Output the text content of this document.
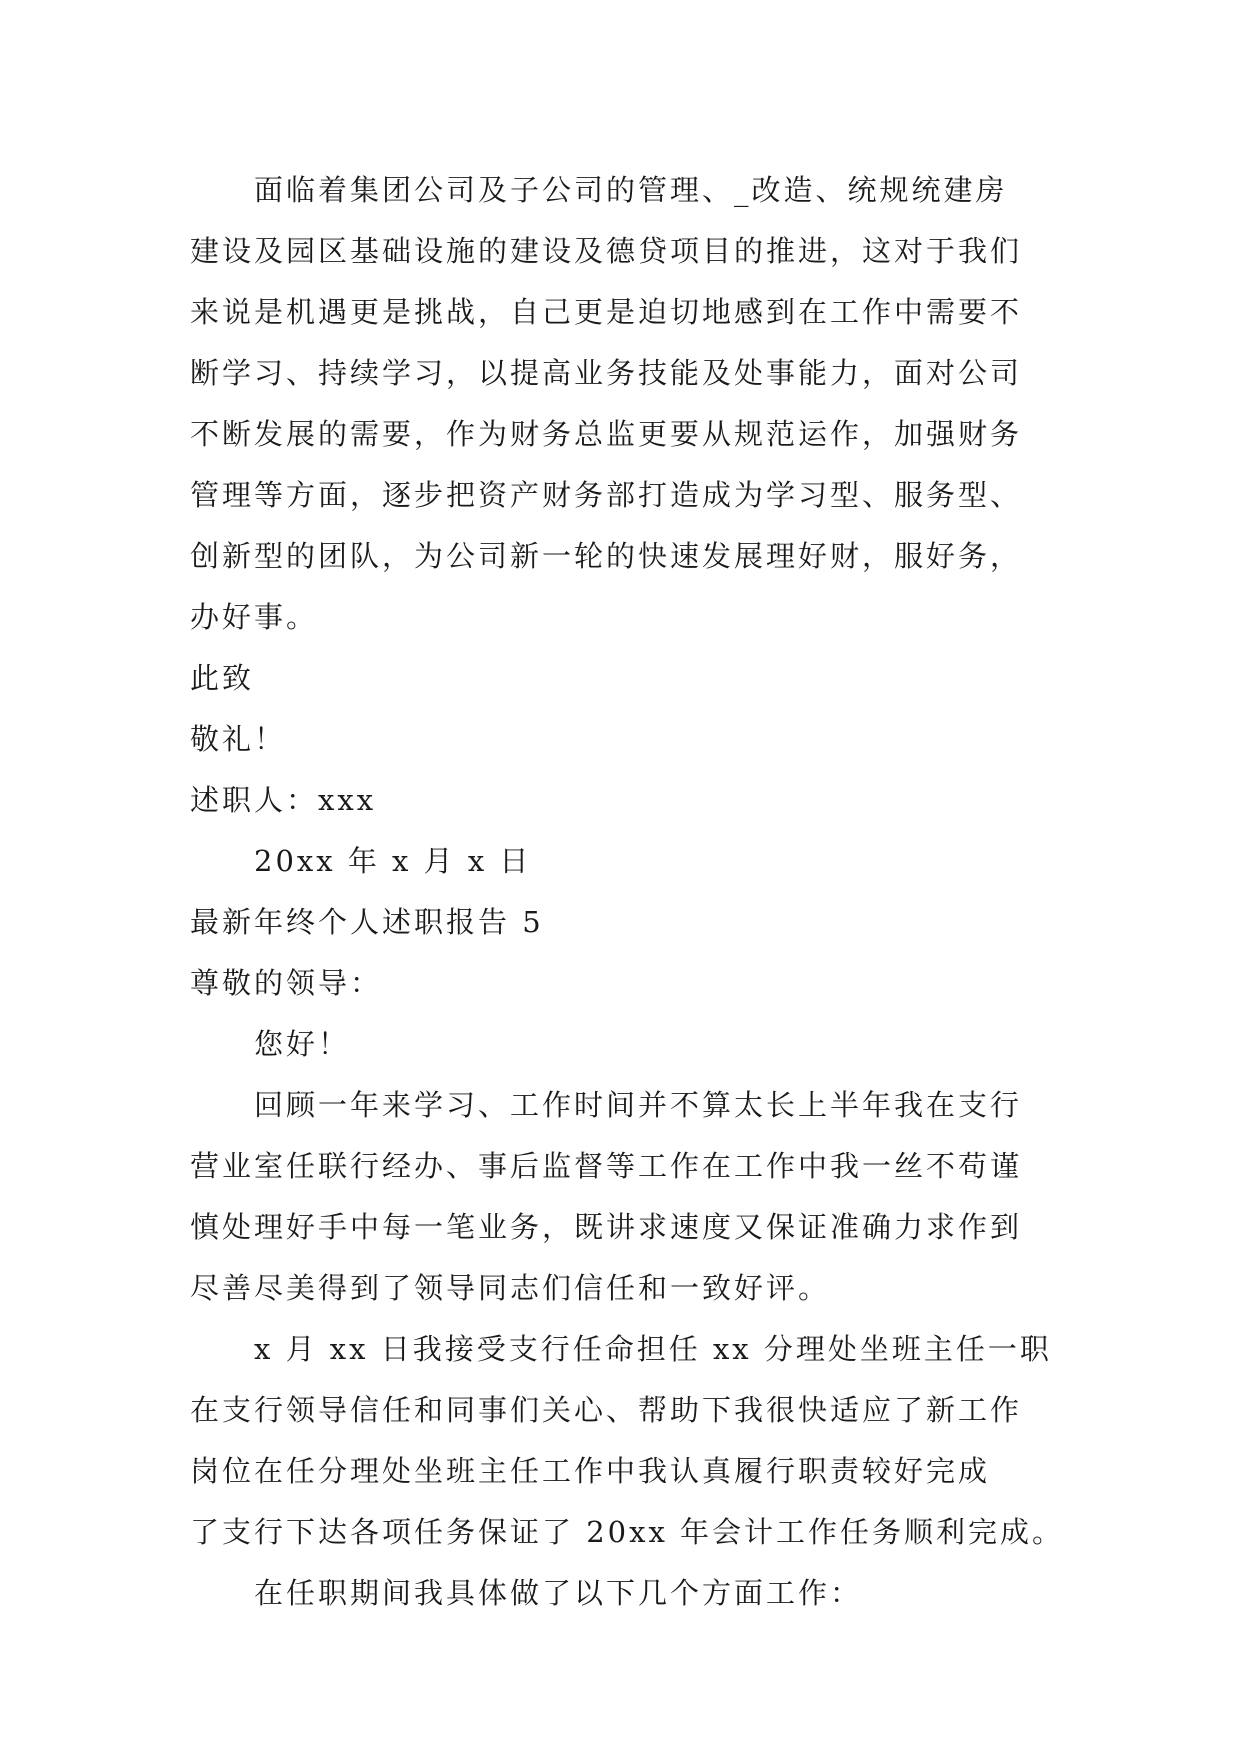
面临着集团公司及子公司的管理、_改造、统规统建房
建设及园区基础设施的建设及德贷项目的推进，这对于我们
来说是机遇更是挑战，自己更是迫切地感到在工作中需要不
断学习、持续学习，以提高业务技能及处事能力，面对公司
不断发展的需要，作为财务总监更要从规范运作，加强财务
管理等方面，逐步把资产财务部打造成为学习型、服务型、
创新型的团队，为公司新一轮的快速发展理好财，服好务，
办好事。
此致
敬礼！
述职人：xxx
20xx 年 x 月 x 日
最新年终个人述职报告 5
尊敬的领导：
您好！
回顾一年来学习、工作时间并不算太长上半年我在支行
营业室任联行经办、事后监督等工作在工作中我一丝不苟谨
慎处理好手中每一笔业务，既讲求速度又保证准确力求作到
尽善尽美得到了领导同志们信任和一致好评。
x 月 xx 日我接受支行任命担任 xx 分理处坐班主任一职
在支行领导信任和同事们关心、帮助下我很快适应了新工作
岗位在任分理处坐班主任工作中我认真履行职责较好完成
了支行下达各项任务保证了 20xx 年会计工作任务顺利完成。
在任职期间我具体做了以下几个方面工作：
